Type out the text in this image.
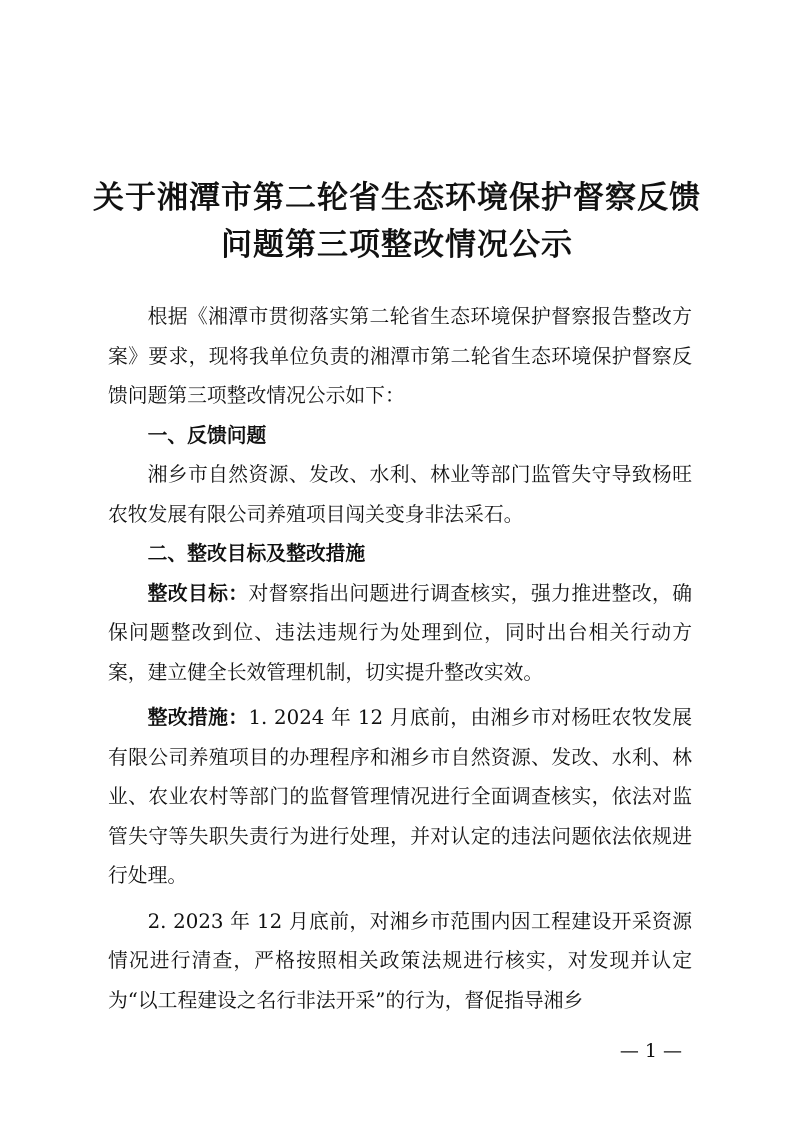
关于湘潭市第二轮省生态环境保护督察反馈
问题第三项整改情况公示

根据《湘潭市贯彻落实第二轮省生态环境保护督察报告整改方案》要求，现将我单位负责的湘潭市第二轮省生态环境保护督察反馈问题第三项整改情况公示如下：

一、反馈问题

湘乡市自然资源、发改、水利、林业等部门监管失守导致杨旺农牧发展有限公司养殖项目闯关变身非法采石。

二、整改目标及整改措施

整改目标：对督察指出问题进行调查核实，强力推进整改，确保问题整改到位、违法违规行为处理到位，同时出台相关行动方案，建立健全长效管理机制，切实提升整改实效。

整改措施：1. 2024 年 12 月底前，由湘乡市对杨旺农牧发展有限公司养殖项目的办理程序和湘乡市自然资源、发改、水利、林业、农业农村等部门的监督管理情况进行全面调查核实，依法对监管失守等失职失责行为进行处理，并对认定的违法问题依法依规进行处理。

2. 2023 年 12 月底前，对湘乡市范围内因工程建设开采资源情况进行清查，严格按照相关政策法规进行核实，对发现并认定为“以工程建设之名行非法开采”的行为，督促指导湘乡

— 1 —
